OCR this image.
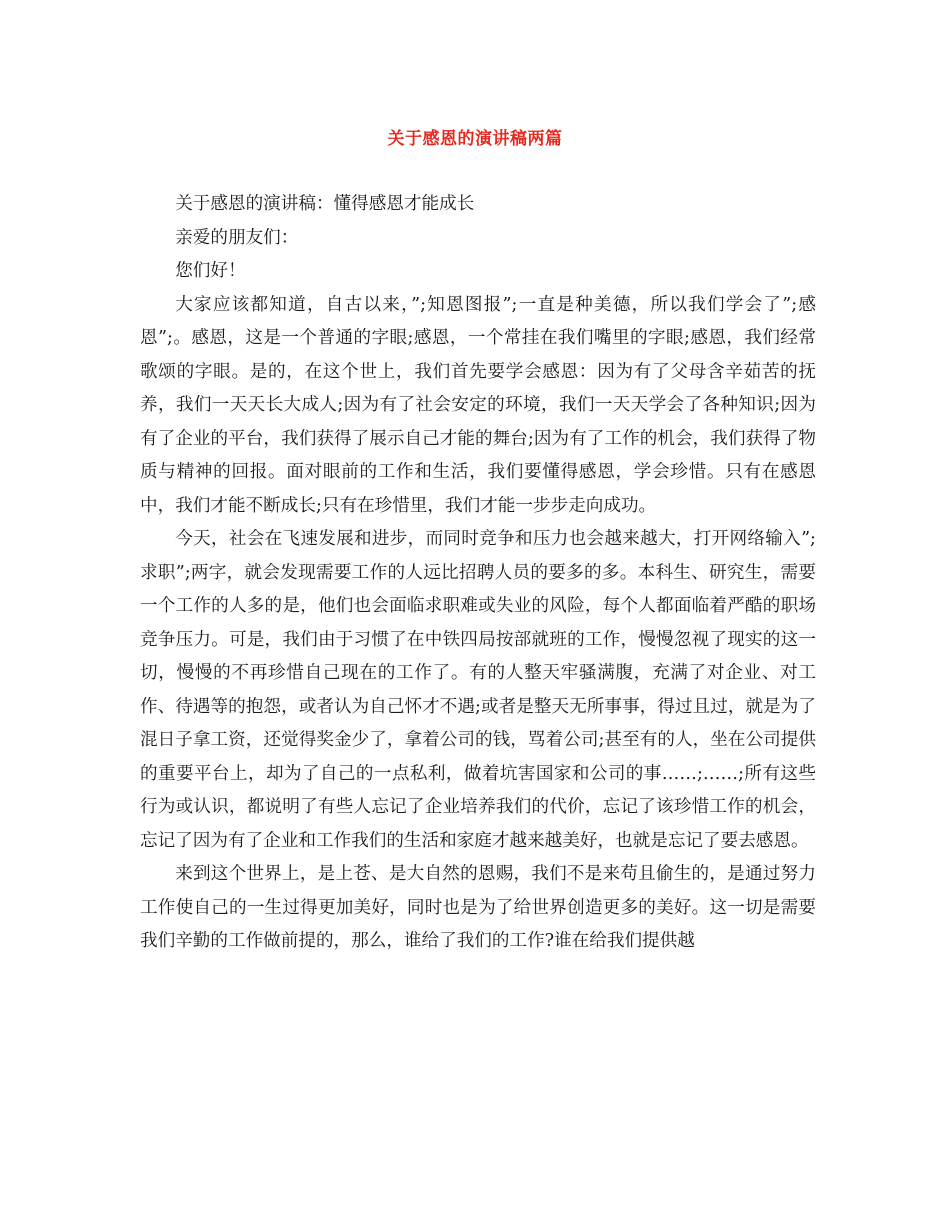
关于感恩的演讲稿两篇

关于感恩的演讲稿：懂得感恩才能成长

亲爱的朋友们：

您们好！

大家应该都知道，自古以来，”;知恩图报”;一直是种美德，所以我们学会了”;感恩”;。感恩，这是一个普通的字眼;感恩，一个常挂在我们嘴里的字眼;感恩，我们经常歌颂的字眼。是的，在这个世上，我们首先要学会感恩：因为有了父母含辛茹苦的抚养，我们一天天长大成人;因为有了社会安定的环境，我们一天天学会了各种知识;因为有了企业的平台，我们获得了展示自己才能的舞台;因为有了工作的机会，我们获得了物质与精神的回报。面对眼前的工作和生活，我们要懂得感恩，学会珍惜。只有在感恩中，我们才能不断成长;只有在珍惜里，我们才能一步步走向成功。

今天，社会在飞速发展和进步，而同时竞争和压力也会越来越大，打开网络输入”;求职”;两字，就会发现需要工作的人远比招聘人员的要多的多。本科生、研究生，需要一个工作的人多的是，他们也会面临求职难或失业的风险，每个人都面临着严酷的职场竞争压力。可是，我们由于习惯了在中铁四局按部就班的工作，慢慢忽视了现实的这一切，慢慢的不再珍惜自己现在的工作了。有的人整天牢骚满腹，充满了对企业、对工作、待遇等的抱怨，或者认为自己怀才不遇;或者是整天无所事事，得过且过，就是为了混日子拿工资，还觉得奖金少了，拿着公司的钱，骂着公司;甚至有的人，坐在公司提供的重要平台上，却为了自己的一点私利，做着坑害国家和公司的事……;……;所有这些行为或认识，都说明了有些人忘记了企业培养我们的代价，忘记了该珍惜工作的机会，忘记了因为有了企业和工作我们的生活和家庭才越来越美好，也就是忘记了要去感恩。

来到这个世界上，是上苍、是大自然的恩赐，我们不是来苟且偷生的，是通过努力工作使自己的一生过得更加美好，同时也是为了给世界创造更多的美好。这一切是需要我们辛勤的工作做前提的，那么，谁给了我们的工作?谁在给我们提供越
